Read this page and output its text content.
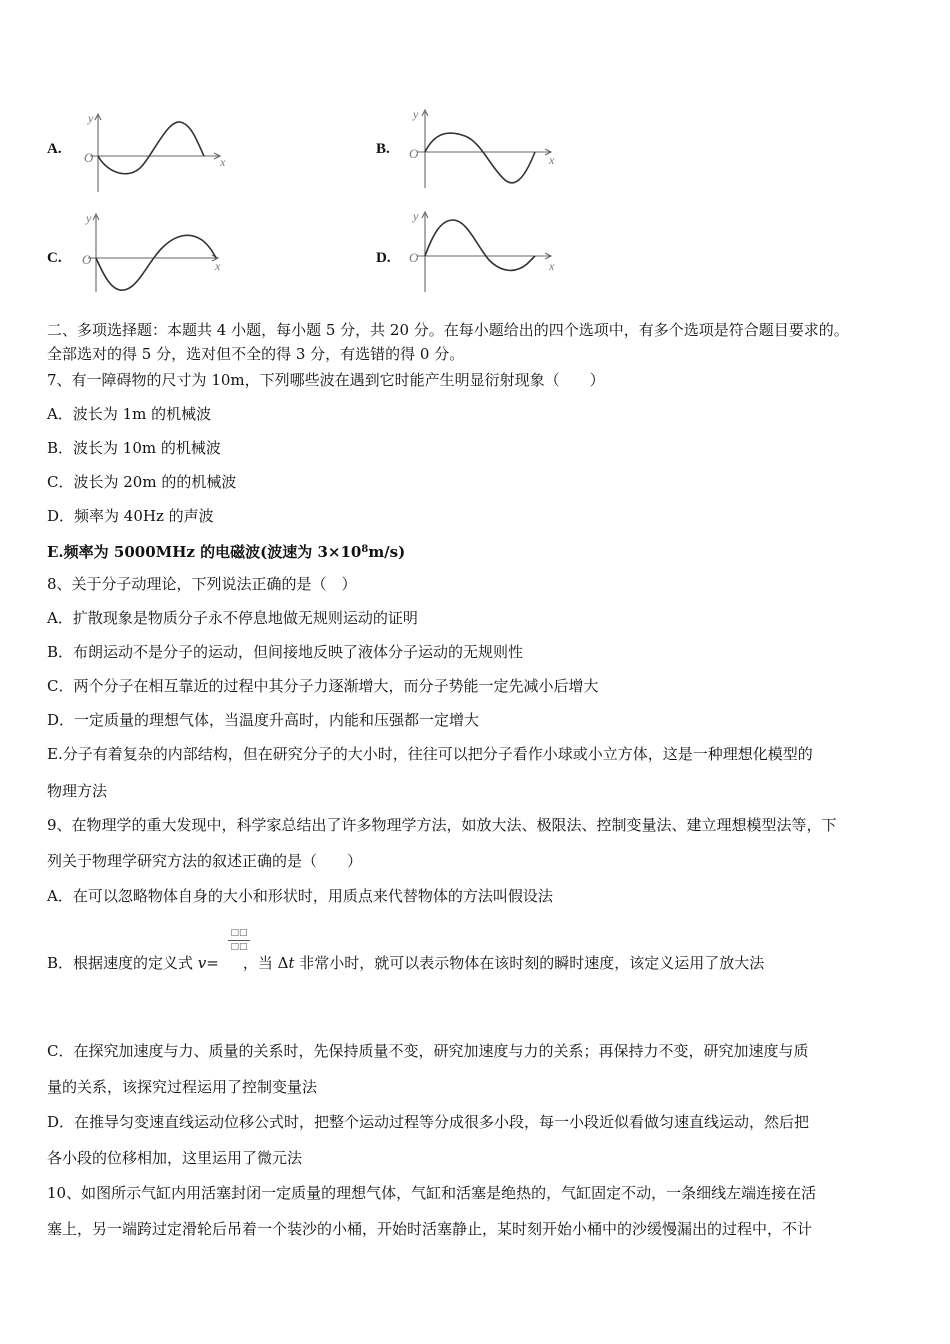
A.
y
x
O
B.
y
x
O
C.
y
x
O	D.
y
x
O
二、多项选择题：本题共 4 小题，每小题 5 分，共 20 分。在每小题给出的四个选项中，有多个选项是符合题目要求的。
全部选对的得 5 分，选对但不全的得 3 分，有选错的得 0 分。
7、有一障碍物的尺寸为 10m，下列哪些波在遇到它时能产生明显衍射现象（　　）
A．波长为 1m 的机械波
B．波长为 10m 的机械波
C．波长为 20m 的的机械波
D．频率为 40Hz 的声波
E.频率为 5000MHz 的电磁波(波速为 $3\times 10^8m/s$)
8、关于分子动理论，下列说法正确的是（　）
A．扩散现象是物质分子永不停息地做无规则运动的证明
B．布朗运动不是分子的运动，但间接地反映了液体分子运动的无规则性
C．两个分子在相互靠近的过程中其分子力逐渐增大，而分子势能一定先减小后增大
D．一定质量的理想气体，当温度升高时，内能和压强都一定增大
E.分子有着复杂的内部结构，但在研究分子的大小时，往往可以把分子看作小球或小立方体，这是一种理想化模型的
物理方法
9、在物理学的重大发现中，科学家总结出了许多物理学方法，如放大法、极限法、控制变量法、建立理想模型法等，下
列关于物理学研究方法的叙述正确的是（　　）
A．在可以忽略物体自身的大小和形状时，用质点来代替物体的方法叫假设法
□□
□□
B．根据速度的定义式 v= ，当 Δt 非常小时，就可以表示物体在该时刻的瞬时速度，该定义运用了放大法
C．在探究加速度与力、质量的关系时，先保持质量不变，研究加速度与力的关系；再保持力不变，研究加速度与质
量的关系，该探究过程运用了控制变量法
D．在推导匀变速直线运动位移公式时，把整个运动过程等分成很多小段，每一小段近似看做匀速直线运动，然后把
各小段的位移相加，这里运用了微元法
10、如图所示气缸内用活塞封闭一定质量的理想气体，气缸和活塞是绝热的，气缸固定不动，一条细线左端连接在活
塞上，另一端跨过定滑轮后吊着一个装沙的小桶，开始时活塞静止，某时刻开始小桶中的沙缓慢漏出的过程中，不计
